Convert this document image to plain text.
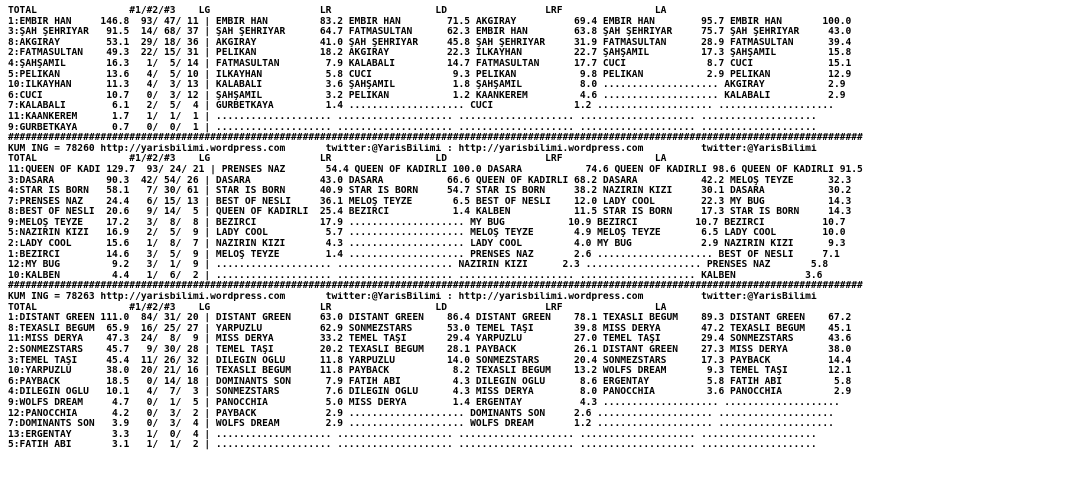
TOTAL                #1/#2/#3    LG                   LR                  LD                 LRF                LA
1:EMBİR HAN     146.8  93/ 47/ 11 | EMBİR HAN         83.2 EMBİR HAN        71.5 AKGİRAY          69.4 EMBİR HAN        95.7 EMBİR HAN       100.0
3:ŞAH ŞEHRİYAR   91.5  14/ 68/ 37 | ŞAH ŞEHRİYAR      64.7 FATMASULTAN      62.3 EMBİR HAN        63.8 ŞAH ŞEHRİYAR     75.7 ŞAH ŞEHRİYAR     43.0
8:AKGİRAY        53.1  29/ 18/ 36 | AKGİRAY           41.0 ŞAH ŞEHRİYAR     45.8 ŞAH ŞEHRİYAR     31.9 FATMASULTAN      28.9 FATMASULTAN      39.4
2:FATMASULTAN    49.3  22/ 15/ 31 | PELİKAN           18.2 AKGİRAY          22.3 İLKAYHAN         22.7 ŞAHŞAMİL         17.3 ŞAHŞAMİL         15.8
4:ŞAHŞAMİL       16.3   1/  5/ 14 | FATMASULTAN        7.9 KALABALI         14.7 FATMASULTAN      17.7 CUCİ              8.7 CUCİ             15.1
5:PELİKAN        13.6   4/  5/ 10 | İLKAYHAN           5.8 CUCİ              9.3 PELİKAN           9.8 PELİKAN           2.9 PELİKAN          12.9
10:İLKAYHAN      11.3   4/  3/ 13 | KALABALI           3.6 ŞAHŞAMİL          1.8 ŞAHŞAMİL          8.0 .................... AKGİRAY           2.9
6:CUCİ           10.7   0/  3/ 12 | ŞAHŞAMİL           3.2 PELİKAN           1.2 KAANKEREM         4.6 .................... KALABALI          2.9
7:KALABALI        6.1   2/  5/  4 | GURBETKAYA         1.4 .................... CUCİ              1.2 .................... ....................
11:KAANKEREM      1.7   1/  1/  1 | .................... .................... .................... .................... ....................
9:GURBETKAYA      0.7   0/  0/  1 | .................... .................... .................... .................... ....................
####################################################################################################################################################
KUM ING = 78260 http://yarisbilimi.wordpress.com       twitter:@YarisBilimi : http://yarisbilimi.wordpress.com          twitter:@YarisBilimi
TOTAL                #1/#2/#3    LG                   LR                  LD                 LRF                LA
11:QUEEN OF KADİ 129.7  93/ 24/ 21 | PRENSES NAZ       54.4 QUEEN OF KADİRLİ 100.0 DASARA           74.6 QUEEN OF KADİRLİ 98.6 QUEEN OF KADİRLİ 91.5
3:DASARA         90.3  42/ 54/ 26 | DASARA            43.0 DASARA           66.6 QUEEN OF KADİRLİ 68.2 DASARA           42.2 MELOŞ TEYZE      32.3
4:STAR IS BORN   58.1   7/ 30/ 61 | STAR IS BORN      40.9 STAR IS BORN     54.7 STAR IS BORN     38.2 NAZIRIN KIZI     30.1 DASARA           30.2
7:PRENSES NAZ    24.4   6/ 15/ 13 | BEST OF NESLİ     36.1 MELOŞ TEYZE       6.5 BEST OF NESLİ    12.0 LADY COOL        22.3 MY BUG           14.3
8:BEST OF NESLİ  20.6   9/ 14/  5 | QUEEN OF KADİRLİ  25.4 BEZİRCİ           1.4 KALBEN           11.5 STAR IS BORN     17.3 STAR IS BORN     14.3
9:MELOŞ TEYZE    17.2   3/  8/  8 | BEZİRCİ           17.9 .................... MY BUG           10.9 BEZİRCİ          10.7 BEZİRCİ          10.7
5:NAZIRIN KIZI   16.9   2/  5/  9 | LADY COOL          5.7 .................... MELOŞ TEYZE       4.9 MELOŞ TEYZE       6.5 LADY COOL        10.0
2:LADY COOL      15.6   1/  8/  7 | NAZIRIN KIZI       4.3 .................... LADY COOL         4.0 MY BUG            2.9 NAZIRIN KIZI      9.3
1:BEZİRCİ        14.6   3/  5/  9 | MELOŞ TEYZE        1.4 .................... PRENSES NAZ       2.6 .................... BEST OF NESLİ     7.1
12:MY BUG         9.2   3/  1/  9 | .................... .................... NAZIRIN KIZI      2.3 .................... PRENSES NAZ       5.8
10:KALBEN         4.4   1/  6/  2 | .................... .................... .................... .................... KALBEN            3.6
####################################################################################################################################################
KUM ING = 78263 http://yarisbilimi.wordpress.com       twitter:@YarisBilimi : http://yarisbilimi.wordpress.com          twitter:@YarisBilimi
TOTAL                #1/#2/#3    LG                   LR                  LD                 LRF                LA
1:DISTANT GREEN 111.0  84/ 31/ 20 | DISTANT GREEN     63.0 DISTANT GREEN    86.4 DISTANT GREEN    78.1 TEXASLI BEGÜM    89.3 DISTANT GREEN    67.2
8:TEXASLI BEGÜM  65.9  16/ 25/ 27 | YARPUZLU          62.9 SÖNMEZSTARS      53.0 TEMEL TAŞI       39.8 MISS DERYA       47.2 TEXASLI BEGÜM    45.1
11:MISS DERYA    47.3  24/  8/  9 | MISS DERYA        33.2 TEMEL TAŞI       29.4 YARPUZLU         27.0 TEMEL TAŞI       29.4 SÖNMEZSTARS      43.6
2:SÖNMEZSTARS    45.7   9/ 30/ 28 | TEMEL TAŞI        20.2 TEXASLI BEGÜM    28.1 PAYBACK          26.1 DISTANT GREEN    27.3 MISS DERYA       38.0
3:TEMEL TAŞI     45.4  11/ 26/ 32 | DİLEĞİN OĞLU      11.8 YARPUZLU         14.0 SÖNMEZSTARS      20.4 SÖNMEZSTARS      17.3 PAYBACK          14.4
10:YARPUZLU      38.0  20/ 21/ 16 | TEXASLI BEGÜM     11.8 PAYBACK           8.2 TEXASLI BEGÜM    13.2 WOLFS DREAM       9.3 TEMEL TAŞI       12.1
6:PAYBACK        18.5   0/ 14/ 18 | DOMINANTS SON      7.9 FATİH ABİ         4.3 DİLEĞİN OĞLU      8.6 ERGENTAY          5.8 FATİH ABİ         5.8
4:DİLEĞİN OĞLU   10.1   4/  7/  3 | SÖNMEZSTARS        7.6 DİLEĞİN OĞLU      4.3 MISS DERYA        8.0 PANOCCHIA         3.6 PANOCCHIA         2.9
9:WOLFS DREAM     4.7   0/  1/  5 | PANOCCHIA          5.0 MISS DERYA        1.4 ERGENTAY          4.3 .................... ....................
12:PANOCCHIA      4.2   0/  3/  2 | PAYBACK            2.9 .................... DOMINANTS SON     2.6 .................... ....................
7:DOMINANTS SON   3.9   0/  3/  4 | WOLFS DREAM        2.9 .................... WOLFS DREAM       1.2 .................... ....................
13:ERGENTAY       3.3   1/  0/  4 | .................... .................... .................... .................... ....................
5:FATİH ABİ       3.1   1/  1/  2 | .................... .................... .................... .................... ....................
